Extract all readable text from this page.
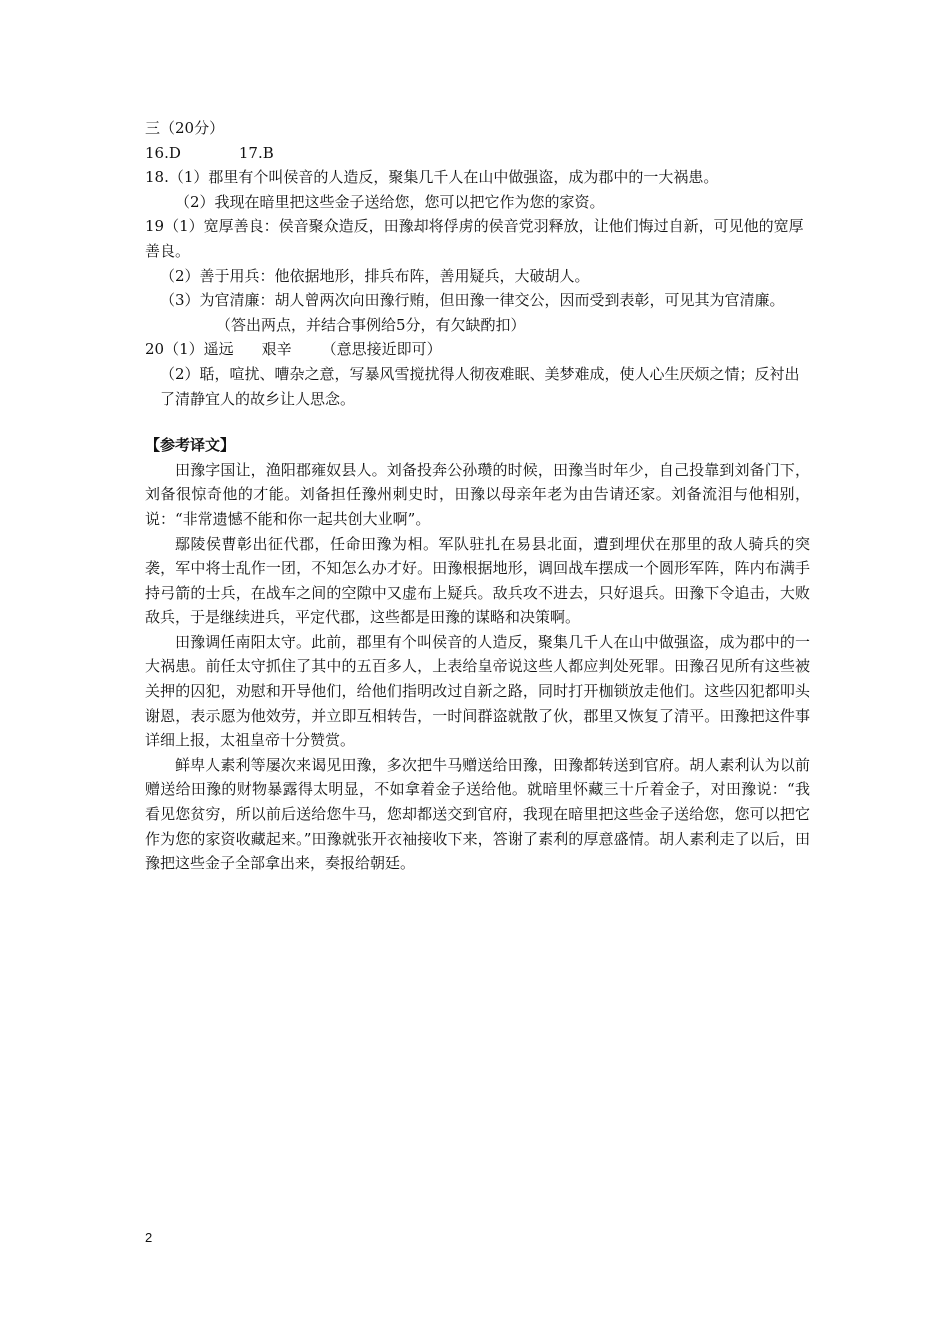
三（20分）
16.D	17.B
18.（1）郡里有个叫侯音的人造反，聚集几千人在山中做强盗，成为郡中的一大祸患。
（2）我现在暗里把这些金子送给您，您可以把它作为您的家资。
19（1）宽厚善良：侯音聚众造反，田豫却将俘虏的侯音党羽释放，让他们悔过自新，可见他的宽厚善良。
（2）善于用兵：他依据地形，排兵布阵，善用疑兵，大破胡人。
（3）为官清廉：胡人曾两次向田豫行贿，但田豫一律交公，因而受到表彰，可见其为官清廉。（答出两点，并结合事例给5分，有欠缺酌扣）
20（1）遥远 艰辛 （意思接近即可）
（2）聒，喧扰、嘈杂之意，写暴风雪搅扰得人彻夜难眠、美梦难成，使人心生厌烦之情；反衬出了清静宜人的故乡让人思念。
【参考译文】
田豫字国让，渔阳郡雍奴县人。刘备投奔公孙瓒的时候，田豫当时年少，自己投靠到刘备门下，刘备很惊奇他的才能。刘备担任豫州刺史时，田豫以母亲年老为由告请还家。刘备流泪与他相别，说：“非常遗憾不能和你一起共创大业啊”。
鄢陵侯曹彰出征代郡，任命田豫为相。军队驻扎在易县北面，遭到埋伏在那里的敌人骑兵的突袭，军中将士乱作一团，不知怎么办才好。田豫根据地形，调回战车摆成一个圆形军阵，阵内布满手持弓箭的士兵，在战车之间的空隙中又虚布上疑兵。敌兵攻不进去，只好退兵。田豫下令追击，大败敌兵，于是继续进兵，平定代郡，这些都是田豫的谋略和决策啊。
田豫调任南阳太守。此前，郡里有个叫侯音的人造反，聚集几千人在山中做强盗，成为郡中的一大祸患。前任太守抓住了其中的五百多人，上表给皇帝说这些人都应判处死罪。田豫召见所有这些被关押的囚犯，劝慰和开导他们，给他们指明改过自新之路，同时打开枷锁放走他们。这些囚犯都叩头谢恩，表示愿为他效劳，并立即互相转告，一时间群盗就散了伙，郡里又恢复了清平。田豫把这件事详细上报，太祖皇帝十分赞赏。
鲜卑人素利等屡次来谒见田豫，多次把牛马赠送给田豫，田豫都转送到官府。胡人素利认为以前赠送给田豫的财物暴露得太明显，不如拿着金子送给他。就暗里怀藏三十斤着金子，对田豫说：“我看见您贫穷，所以前后送给您牛马，您却都送交到官府，我现在暗里把这些金子送给您，您可以把它作为您的家资收藏起来。”田豫就张开衣袖接收下来，答谢了素利的厚意盛情。胡人素利走了以后，田豫把这些金子全部拿出来，奏报给朝廷。
2
